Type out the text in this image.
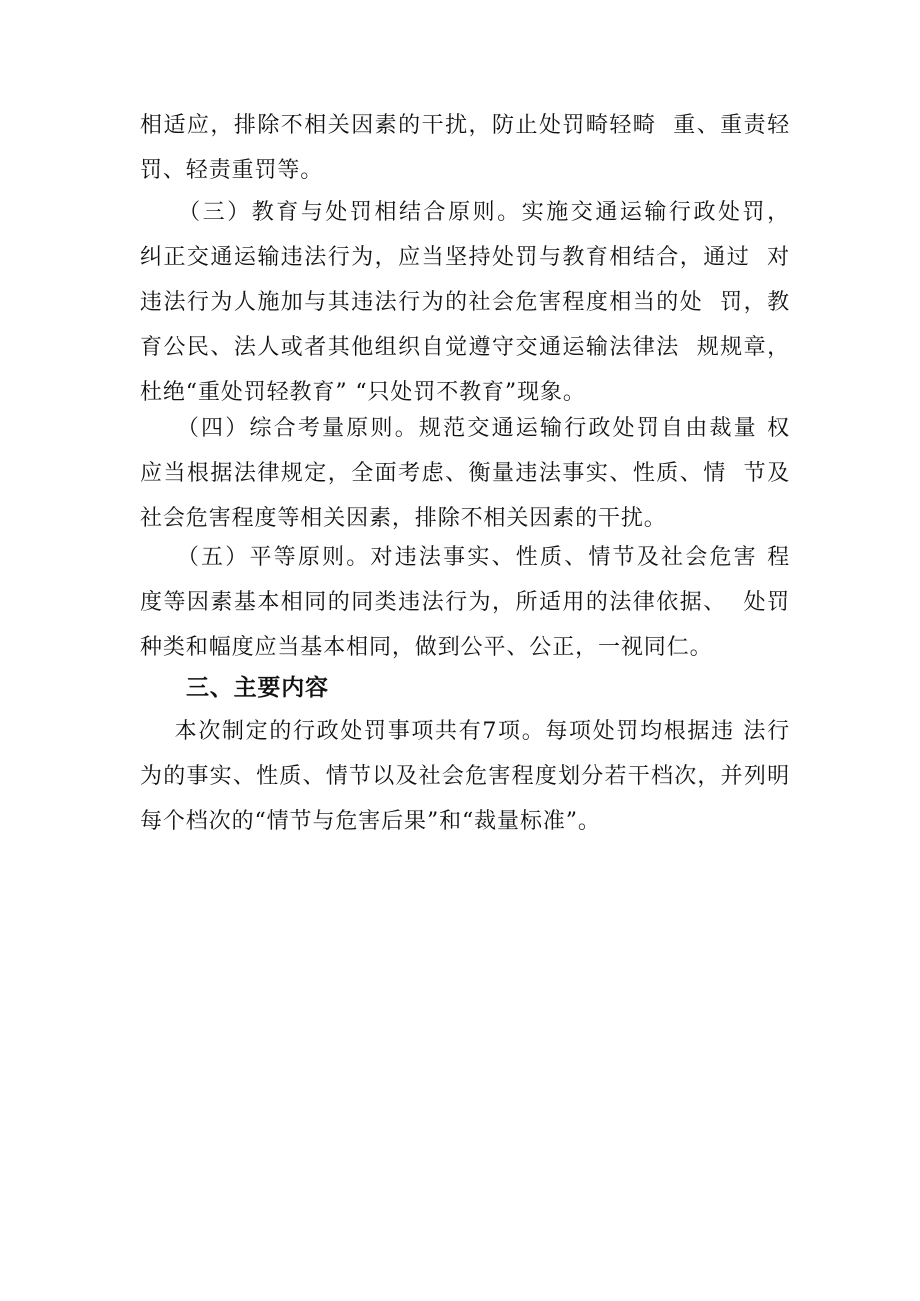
相适应，排除不相关因素的干扰，防止处罚畸轻畸  重、重责轻
罚、轻责重罚等。
（三）教育与处罚相结合原则。实施交通运输行政处罚，
纠正交通运输违法行为，应当坚持处罚与教育相结合，通过  对
违法行为人施加与其违法行为的社会危害程度相当的处  罚，教
育公民、法人或者其他组织自觉遵守交通运输法律法  规规章，
杜绝“重处罚轻教育” “只处罚不教育”现象。
（四）综合考量原则。规范交通运输行政处罚自由裁量 权
应当根据法律规定，全面考虑、衡量违法事实、性质、情  节及
社会危害程度等相关因素，排除不相关因素的干扰。
（五）平等原则。对违法事实、性质、情节及社会危害 程
度等因素基本相同的同类违法行为，所适用的法律依据、  处罚
种类和幅度应当基本相同，做到公平、公正，一视同仁。
三、主要内容
本次制定的行政处罚事项共有7项。每项处罚均根据违 法行
为的事实、性质、情节以及社会危害程度划分若干档次，并列明
每个档次的“情节与危害后果”和“裁量标准”。
